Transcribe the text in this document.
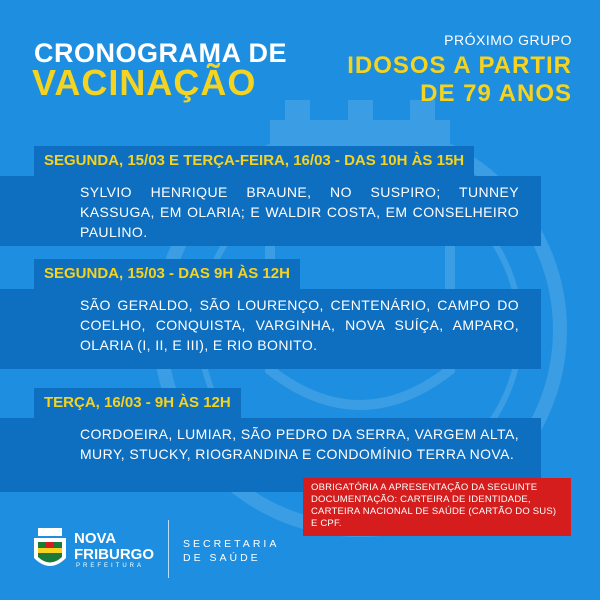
CRONOGRAMA DE
VACINAÇÃO
PRÓXIMO GRUPO
IDOSOS A PARTIR
DE 79 ANOS
SYLVIO HENRIQUE BRAUNE, NO SUSPIRO; TUNNEY KASSUGA, EM OLARIA; E WALDIR COSTA, EM CONSELHEIRO PAULINO.
SEGUNDA, 15/03 E TERÇA-FEIRA, 16/03 - DAS 10H ÀS 15H
SÃO GERALDO, SÃO LOURENÇO, CENTENÁRIO, CAMPO DO COELHO, CONQUISTA, VARGINHA, NOVA SUÍÇA, AMPARO, OLARIA (I, II, E III), E RIO BONITO.
SEGUNDA, 15/03 - DAS 9H ÀS 12H
CORDOEIRA, LUMIAR, SÃO PEDRO DA SERRA, VARGEM ALTA, MURY, STUCKY, RIOGRANDINA E CONDOMÍNIO TERRA NOVA.
TERÇA, 16/03 - 9H ÀS 12H
OBRIGATÓRIA A APRESENTAÇÃO DA SEGUINTE DOCUMENTAÇÃO: CARTEIRA DE IDENTIDADE, CARTEIRA NACIONAL DE SAÚDE (CARTÃO DO SUS) E CPF.
NOVA
FRIBURGO
PREFEITURA
SECRETARIA
DE SAÚDE
